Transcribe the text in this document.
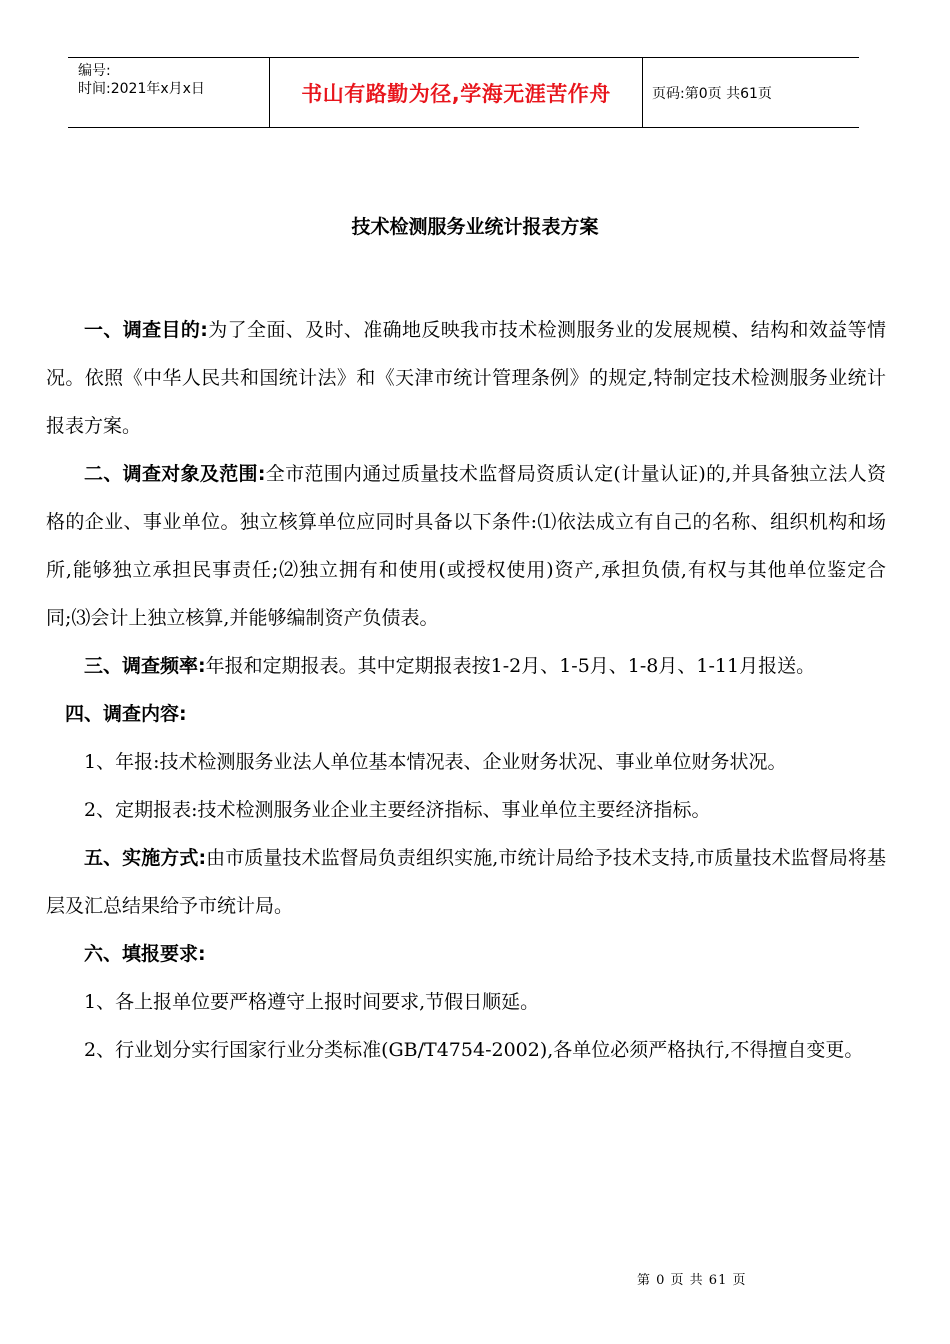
编号:
时间:2021年x月x日	书山有路勤为径,学海无涯苦作舟	页码:第0页 共61页
技术检测服务业统计报表方案

一、调查目的:为了全面、及时、准确地反映我市技术检测服务业的发展规模、结构和效益等情况。依照《中华人民共和国统计法》和《天津市统计管理条例》的规定,特制定技术检测服务业统计报表方案。

二、调查对象及范围:全市范围内通过质量技术监督局资质认定(计量认证)的,并具备独立法人资格的企业、事业单位。独立核算单位应同时具备以下条件:⑴依法成立有自己的名称、组织机构和场所,能够独立承担民事责任;⑵独立拥有和使用(或授权使用)资产,承担负债,有权与其他单位鉴定合同;⑶会计上独立核算,并能够编制资产负债表。

三、调查频率:年报和定期报表。其中定期报表按1-2月、1-5月、1-8月、1-11月报送。

四、调查内容:

1、年报:技术检测服务业法人单位基本情况表、企业财务状况、事业单位财务状况。

2、定期报表:技术检测服务业企业主要经济指标、事业单位主要经济指标。

五、实施方式:由市质量技术监督局负责组织实施,市统计局给予技术支持,市质量技术监督局将基层及汇总结果给予市统计局。

六、填报要求:

1、各上报单位要严格遵守上报时间要求,节假日顺延。

2、行业划分实行国家行业分类标准(GB/T4754-2002),各单位必须严格执行,不得擅自变更。

第 0 页 共 61 页
